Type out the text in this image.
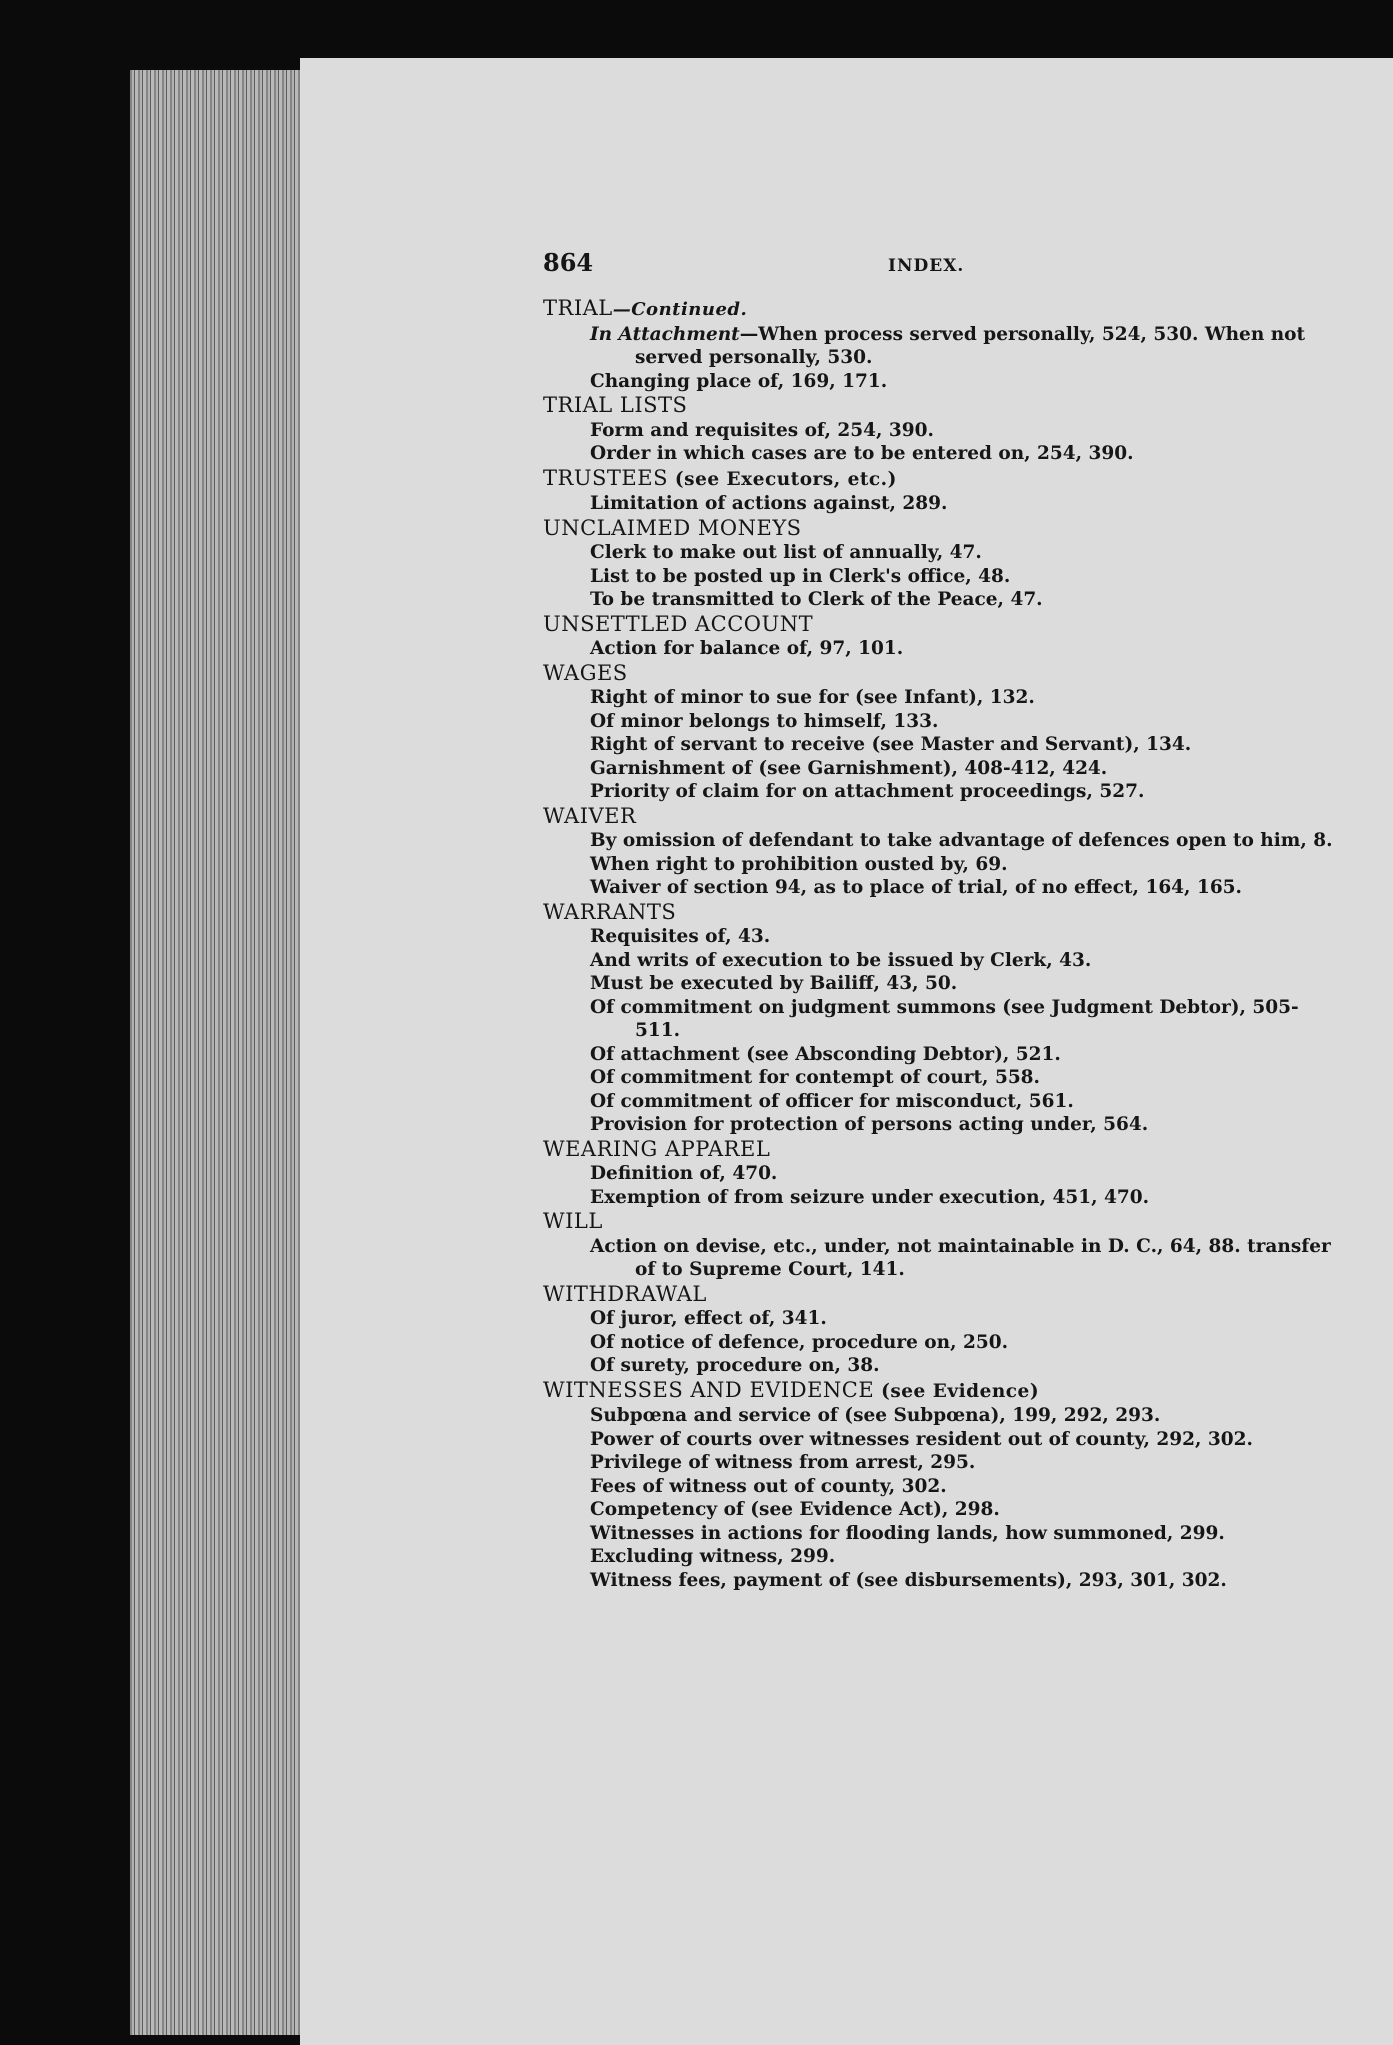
864	INDEX.
TRIAL—Continued.
In Attachment—When process served personally, 524, 530. When not served personally, 530.
Changing place of, 169, 171.
TRIAL LISTS
Form and requisites of, 254, 390.
Order in which cases are to be entered on, 254, 390.
TRUSTEES (see Executors, etc.)
Limitation of actions against, 289.
UNCLAIMED MONEYS
Clerk to make out list of annually, 47.
List to be posted up in Clerk's office, 48.
To be transmitted to Clerk of the Peace, 47.
UNSETTLED ACCOUNT
Action for balance of, 97, 101.
WAGES
Right of minor to sue for (see Infant), 132.
Of minor belongs to himself, 133.
Right of servant to receive (see Master and Servant), 134.
Garnishment of (see Garnishment), 408-412, 424.
Priority of claim for on attachment proceedings, 527.
WAIVER
By omission of defendant to take advantage of defences open to him, 8.
When right to prohibition ousted by, 69.
Waiver of section 94, as to place of trial, of no effect, 164, 165.
WARRANTS
Requisites of, 43.
And writs of execution to be issued by Clerk, 43.
Must be executed by Bailiff, 43, 50.
Of commitment on judgment summons (see Judgment Debtor), 505-511.
Of attachment (see Absconding Debtor), 521.
Of commitment for contempt of court, 558.
Of commitment of officer for misconduct, 561.
Provision for protection of persons acting under, 564.
WEARING APPAREL
Definition of, 470.
Exemption of from seizure under execution, 451, 470.
WILL
Action on devise, etc., under, not maintainable in D. C., 64, 88. transfer of to Supreme Court, 141.
WITHDRAWAL
Of juror, effect of, 341.
Of notice of defence, procedure on, 250.
Of surety, procedure on, 38.
WITNESSES AND EVIDENCE (see Evidence)
Subpœna and service of (see Subpœna), 199, 292, 293.
Power of courts over witnesses resident out of county, 292, 302.
Privilege of witness from arrest, 295.
Fees of witness out of county, 302.
Competency of (see Evidence Act), 298.
Witnesses in actions for flooding lands, how summoned, 299.
Excluding witness, 299.
Witness fees, payment of (see disbursements), 293, 301, 302.
